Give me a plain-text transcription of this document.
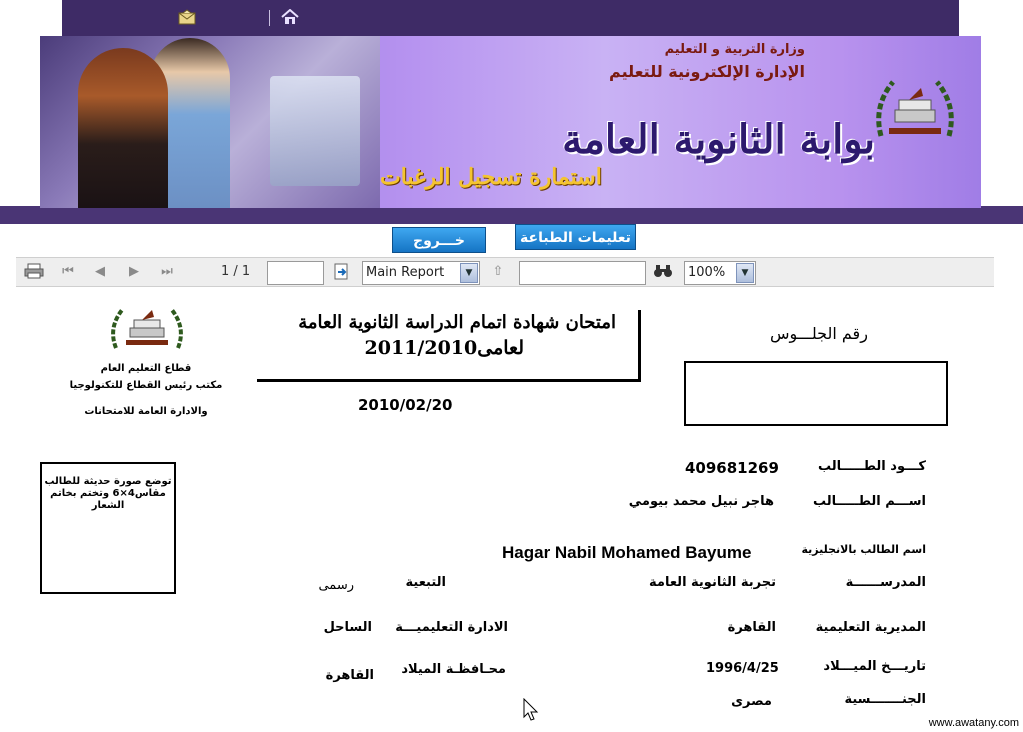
وزارة التربية و التعليم
الإدارة الإلكترونية للتعليم
بوابة الثانوية العامة
استمارة تسجيل الرغبات
خـــروج	تعليمات الطباعة
⏮	◀	▶	⏭	1 / 1	Main Report	▼	⇧	100%	▼
قطاع التعليم العام
مكتب رئيس القطاع للتكنولوجيا
والادارة العامة للامتحانات
امتحان شهادة اتمام الدراسة الثانوية العامة
لعامى2011/2010
2010/02/20
رقم الجلـــوس
توضع صورة حديثة للطالب مقاس4×6 وتختم بخاتم الشعار
كـــود الطـــــالب
409681269
اســـم الطـــــالب
هاجر نبيل محمد بيومي
اسم الطالب بالانجليزية
Hagar Nabil Mohamed Bayume
المدرســــــة
تجربة الثانوية العامة
التبعية
رسمى
المديرية التعليمية
القاهرة
الادارة التعليميـــة
الساحل
تاريـــخ الميـــلاد
1996/4/25
محـافظـة الميلاد
القاهرة
الجنـــــــسية
مصرى
www.awatany.com
